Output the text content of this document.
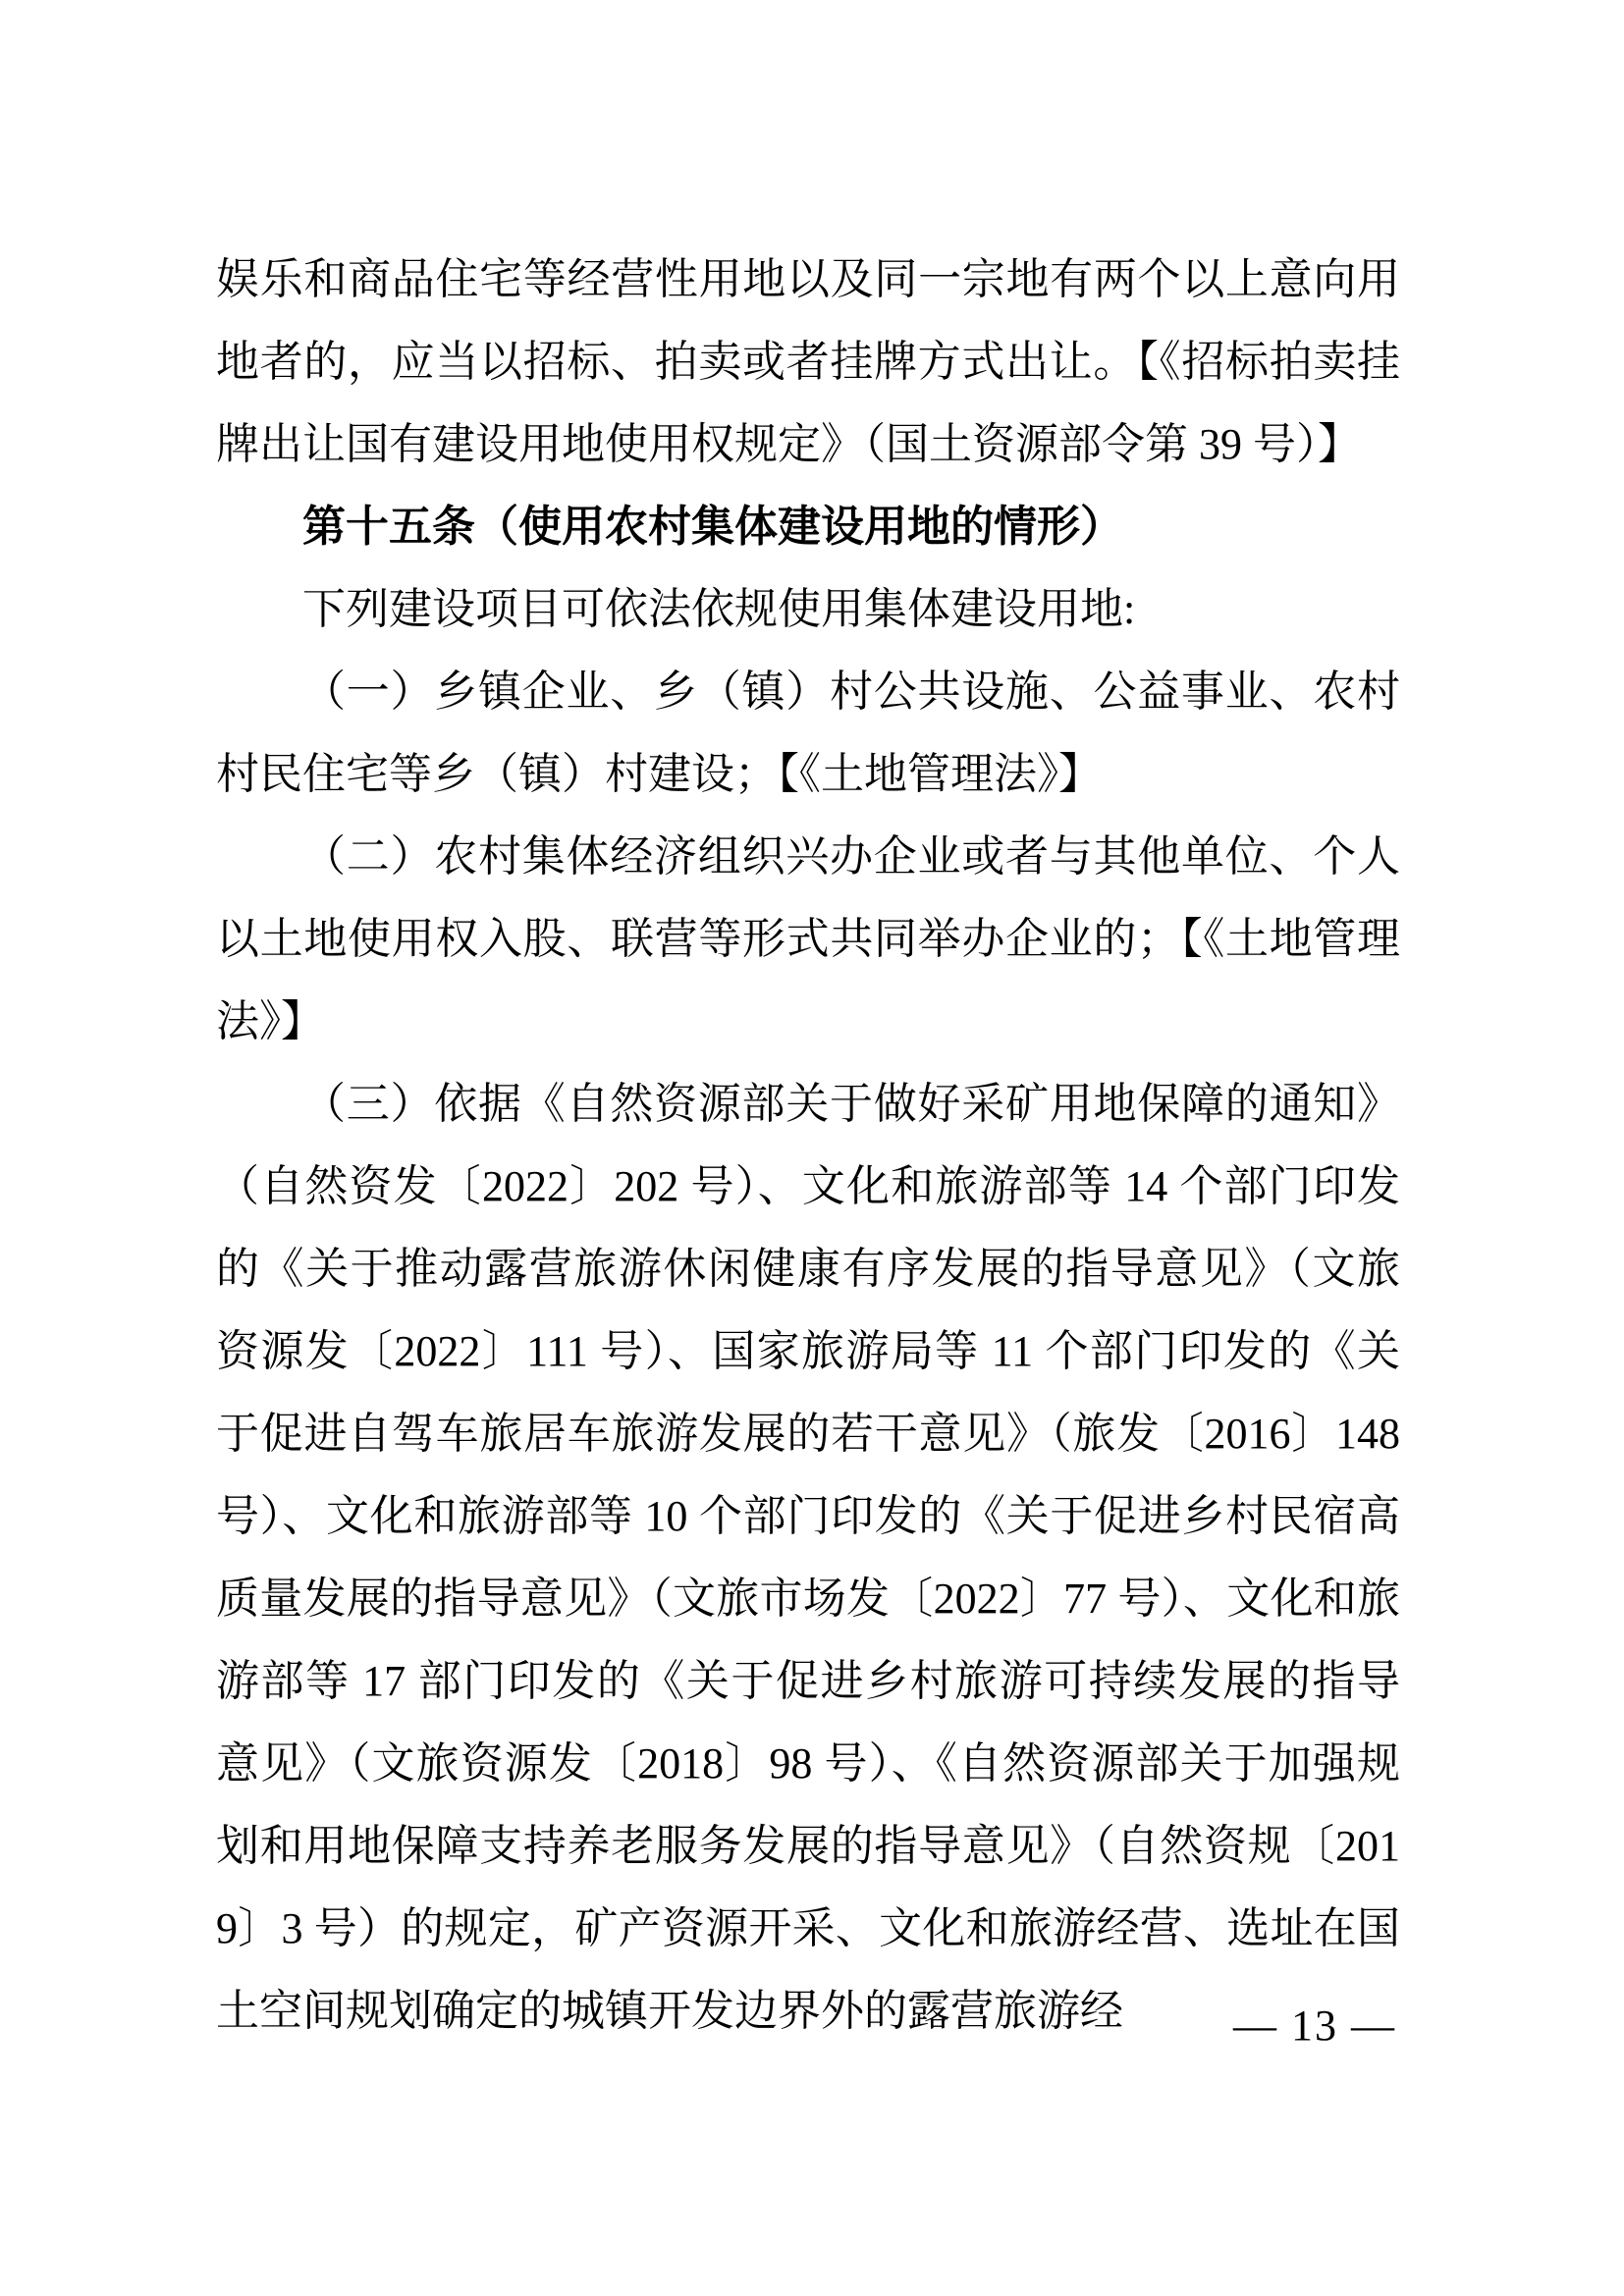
娱乐和商品住宅等经营性用地以及同一宗地有两个以上意向用地者的，应当以招标、拍卖或者挂牌方式出让。【《招标拍卖挂牌出让国有建设用地使用权规定》（国土资源部令第 39 号）】

第十五条（使用农村集体建设用地的情形）

下列建设项目可依法依规使用集体建设用地:

（一）乡镇企业、乡（镇）村公共设施、公益事业、农村村民住宅等乡（镇）村建设；【《土地管理法》】

（二）农村集体经济组织兴办企业或者与其他单位、个人以土地使用权入股、联营等形式共同举办企业的；【《土地管理法》】

（三）依据《自然资源部关于做好采矿用地保障的通知》（自然资发〔2022〕202 号）、文化和旅游部等 14 个部门印发的《关于推动露营旅游休闲健康有序发展的指导意见》（文旅资源发〔2022〕111 号）、国家旅游局等 11 个部门印发的《关于促进自驾车旅居车旅游发展的若干意见》（旅发〔2016〕148 号）、文化和旅游部等 10 个部门印发的《关于促进乡村民宿高质量发展的指导意见》（文旅市场发〔2022〕77 号）、文化和旅游部等 17 部门印发的《关于促进乡村旅游可持续发展的指导意见》（文旅资源发〔2018〕98 号）、《自然资源部关于加强规划和用地保障支持养老服务发展的指导意见》（自然资规〔2019〕3 号）的规定，矿产资源开采、文化和旅游经营、选址在国土空间规划确定的城镇开发边界外的露营旅游经	— 13 —
